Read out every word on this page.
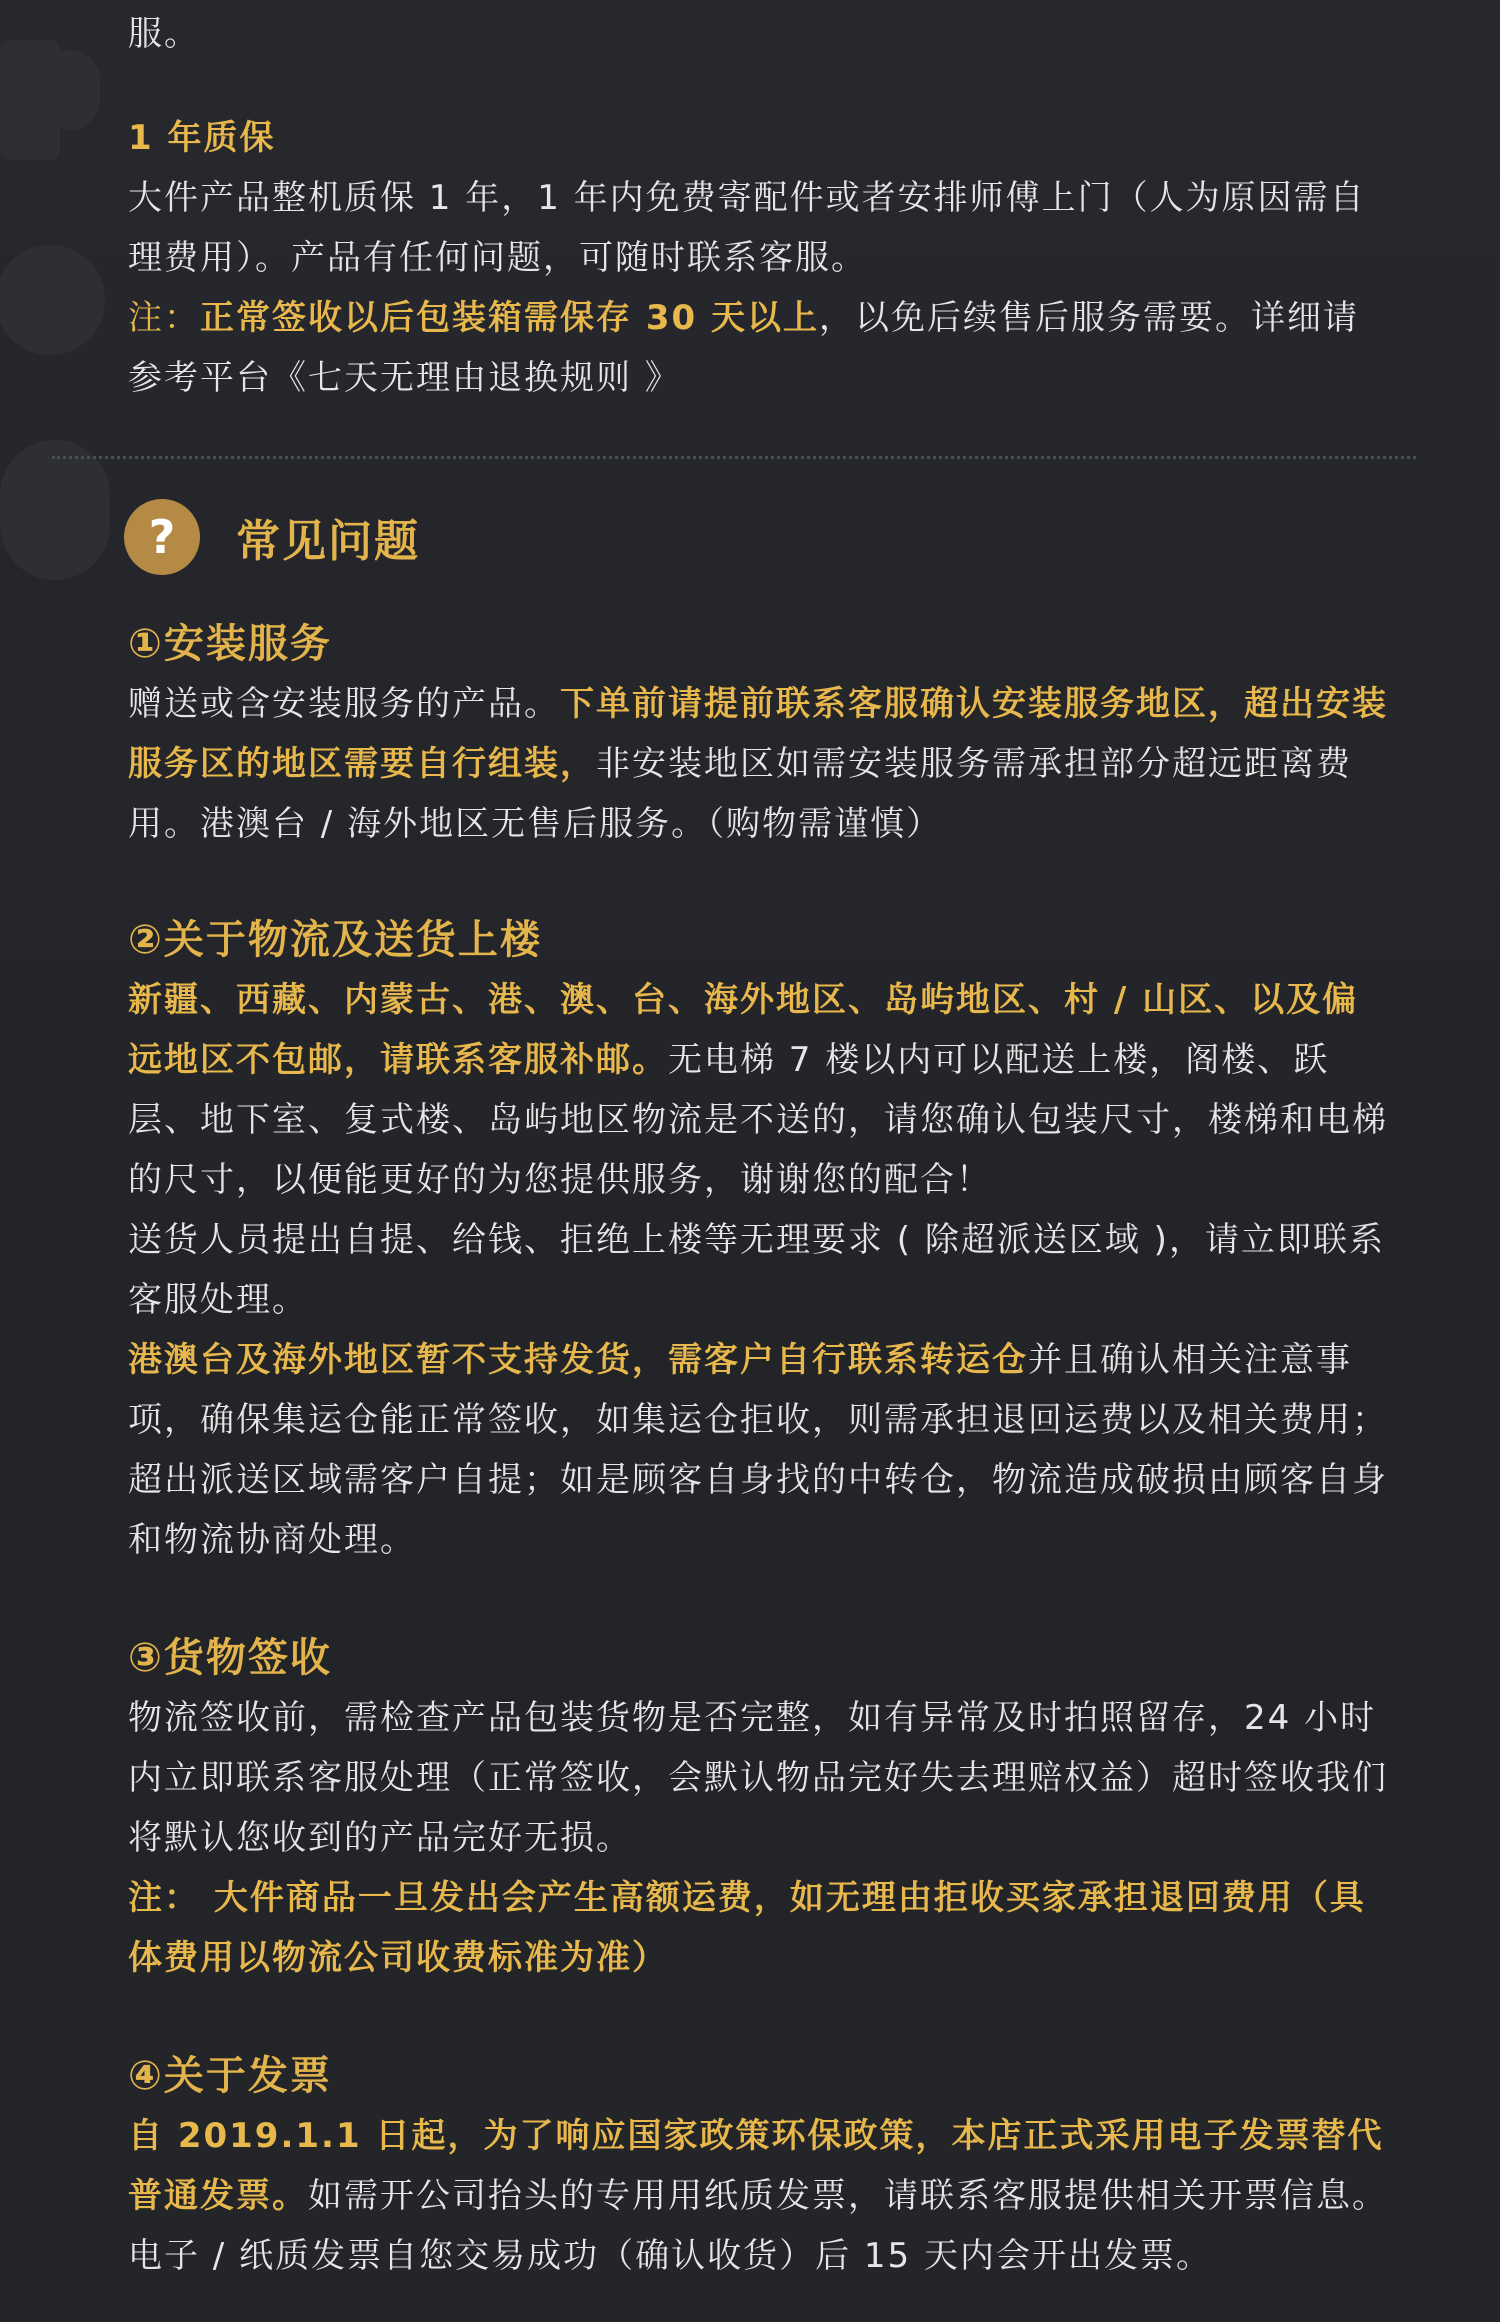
服。

1 年质保

大件产品整机质保 1 年，1 年内免费寄配件或者安排师傅上门（人为原因需自理费用）。产品有任何问题，可随时联系客服。

注：正常签收以后包装箱需保存 30 天以上，以免后续售后服务需要。详细请参考平台《七天无理由退换规则 》

?	常见问题
①安装服务

赠送或含安装服务的产品。下单前请提前联系客服确认安装服务地区，超出安装服务区的地区需要自行组装，非安装地区如需安装服务需承担部分超远距离费用。港澳台 / 海外地区无售后服务。（购物需谨慎）

②关于物流及送货上楼

新疆、西藏、内蒙古、港、澳、台、海外地区、岛屿地区、村 / 山区、以及偏远地区不包邮，请联系客服补邮。无电梯 7 楼以内可以配送上楼，阁楼、跃层、地下室、复式楼、岛屿地区物流是不送的，请您确认包装尺寸，楼梯和电梯的尺寸，以便能更好的为您提供服务，谢谢您的配合！

送货人员提出自提、给钱、拒绝上楼等无理要求 ( 除超派送区域 )，请立即联系客服处理。

港澳台及海外地区暂不支持发货，需客户自行联系转运仓并且确认相关注意事项，确保集运仓能正常签收，如集运仓拒收，则需承担退回运费以及相关费用；超出派送区域需客户自提；如是顾客自身找的中转仓，物流造成破损由顾客自身和物流协商处理。

③货物签收

物流签收前，需检查产品包装货物是否完整，如有异常及时拍照留存，24 小时内立即联系客服处理（正常签收，会默认物品完好失去理赔权益）超时签收我们将默认您收到的产品完好无损。

注： 大件商品一旦发出会产生高额运费，如无理由拒收买家承担退回费用（具体费用以物流公司收费标准为准）

④关于发票

自 2019.1.1 日起，为了响应国家政策环保政策，本店正式采用电子发票替代普通发票。如需开公司抬头的专用用纸质发票，请联系客服提供相关开票信息。电子 / 纸质发票自您交易成功（确认收货）后 15 天内会开出发票。
